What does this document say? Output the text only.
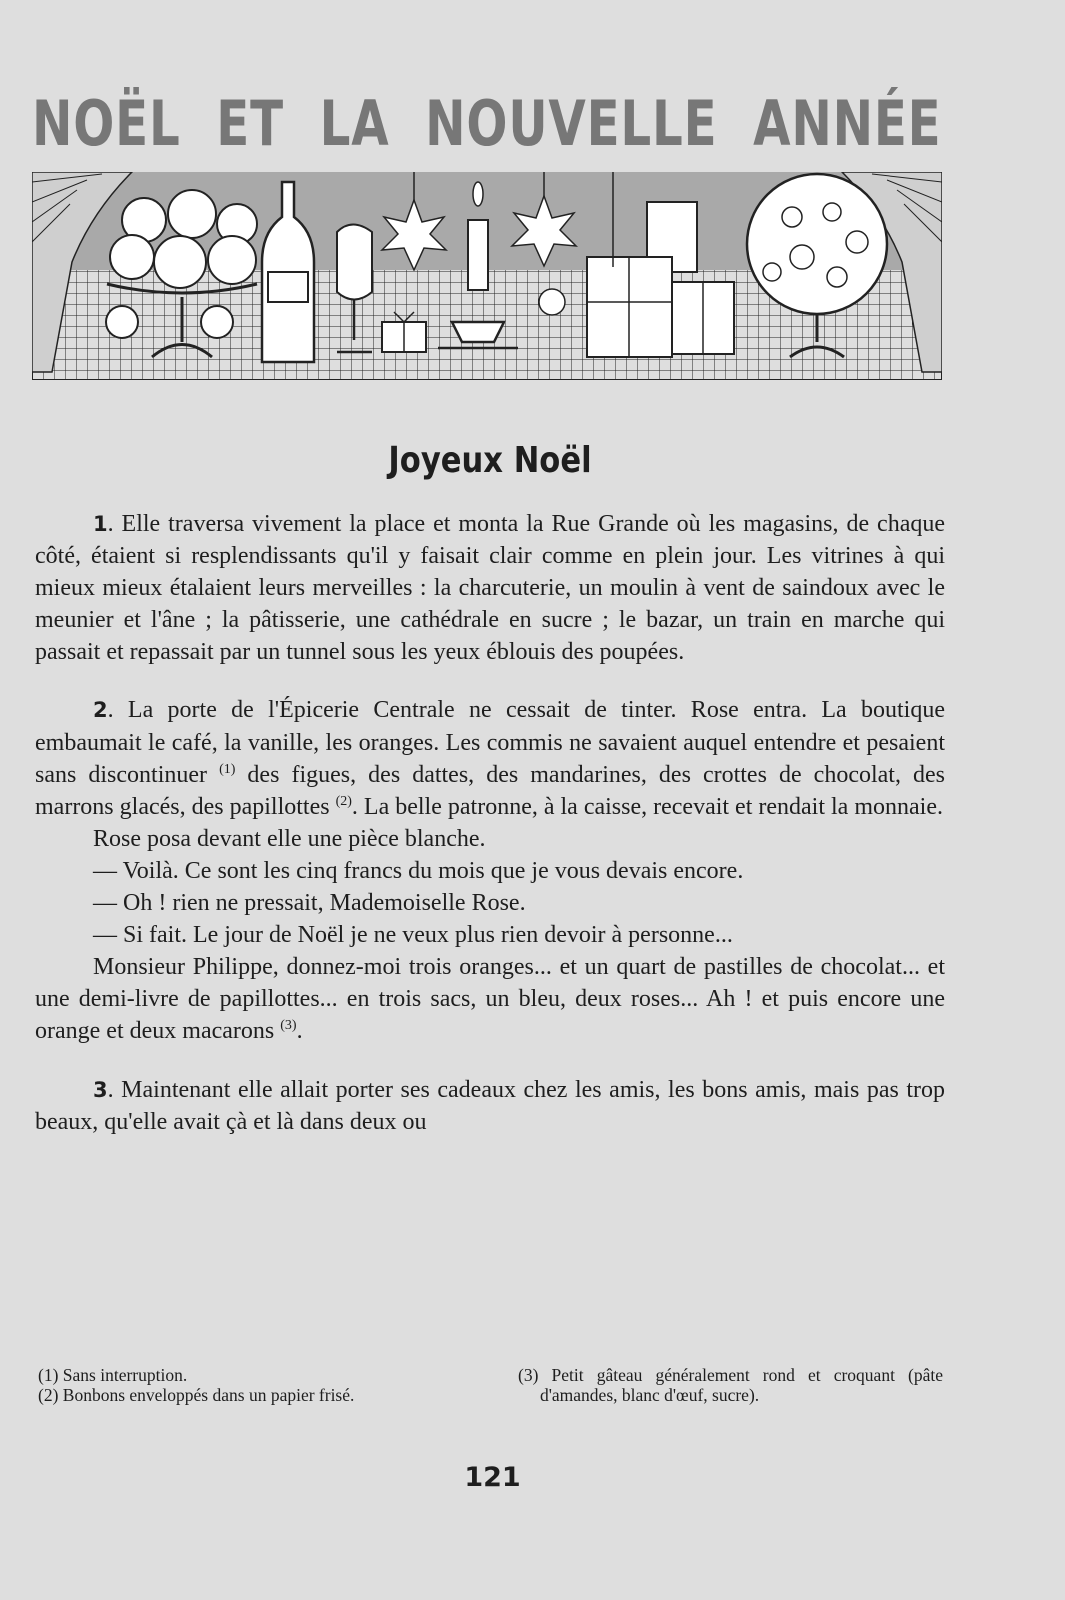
NOËL ET LA NOUVELLE ANNÉE
Joyeux Noël

1. Elle traversa vivement la place et monta la Rue Grande où les magasins, de chaque côté, étaient si resplendissants qu'il y faisait clair comme en plein jour. Les vitrines à qui mieux mieux étalaient leurs merveilles : la charcuterie, un moulin à vent de saindoux avec le meunier et l'âne ; la pâtisserie, une cathédrale en sucre ; le bazar, un train en marche qui passait et repassait par un tunnel sous les yeux éblouis des poupées.

2. La porte de l'Épicerie Centrale ne cessait de tinter. Rose entra. La boutique embaumait le café, la vanille, les oranges. Les commis ne savaient auquel entendre et pesaient sans discontinuer $^{(1)}$ des figues, des dattes, des mandarines, des crottes de chocolat, des marrons glacés, des papillottes $^{(2)}$. La belle patronne, à la caisse, recevait et rendait la monnaie.

Rose posa devant elle une pièce blanche.

— Voilà. Ce sont les cinq francs du mois que je vous devais encore.

— Oh ! rien ne pressait, Mademoiselle Rose.

— Si fait. Le jour de Noël je ne veux plus rien devoir à personne...

Monsieur Philippe, donnez-moi trois oranges... et un quart de pastilles de chocolat... et une demi-livre de papillottes... en trois sacs, un bleu, deux roses... Ah ! et puis encore une orange et deux macarons $^{(3)}$.

3. Maintenant elle allait porter ses cadeaux chez les amis, les bons amis, mais pas trop beaux, qu'elle avait çà et là dans deux ou

(1) Sans interruption.

(2) Bonbons enveloppés dans un papier frisé.

(3) Petit gâteau généralement rond et croquant (pâte d'amandes, blanc d'œuf, sucre).

121
